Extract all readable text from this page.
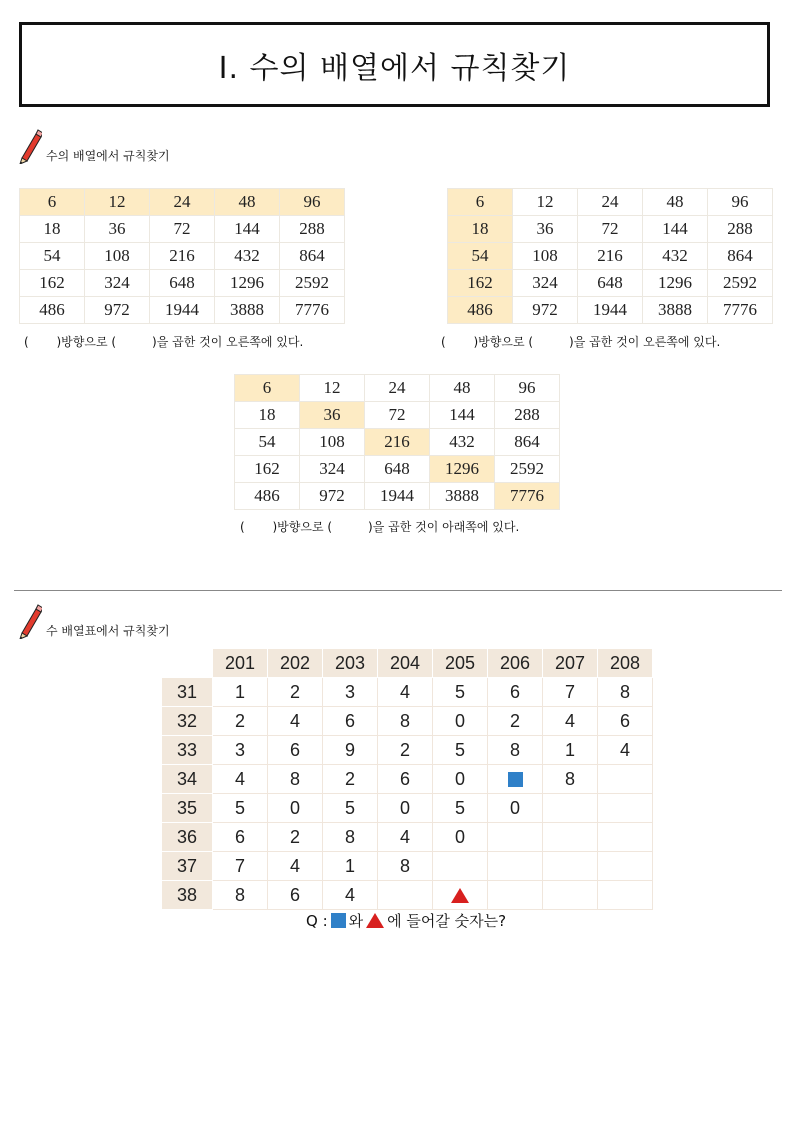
Ⅰ. 수의 배열에서 규칙찾기
수의 배열에서 규칙찾기
6	12	24	48	96
18	36	72	144	288
54	108	216	432	864
162	324	648	1296	2592
486	972	1944	3888	7776
(　 　)방향으로 (　　　)을 곱한 것이 오른쪽에 있다.
6	12	24	48	96
18	36	72	144	288
54	108	216	432	864
162	324	648	1296	2592
486	972	1944	3888	7776
(　 　)방향으로 (　　　)을 곱한 것이 오른쪽에 있다.
6	12	24	48	96
18	36	72	144	288
54	108	216	432	864
162	324	648	1296	2592
486	972	1944	3888	7776
(　 　)방향으로 (　　　)을 곱한 것이 아래쪽에 있다.
수 배열표에서 규칙찾기
	201	202	203	204	205	206	207	208
31	1	2	3	4	5	6	7	8
32	2	4	6	8	0	2	4	6
33	3	6	9	2	5	8	1	4
34	4	8	2	6	0		8	
35	5	0	5	0	5	0		
36	6	2	8	4	0			
37	7	4	1	8				
38	8	6	4					
Q : 와 에 들어갈 숫자는?
